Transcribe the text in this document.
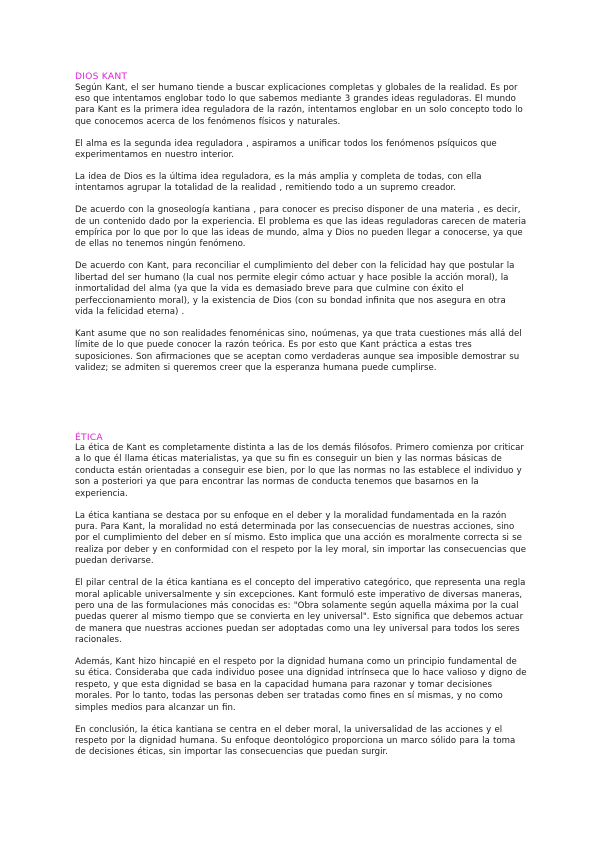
DIOS KANT

Según Kant, el ser humano tiende a buscar explicaciones completas y globales de la realidad. Es por eso que intentamos englobar todo lo que sabemos mediante 3 grandes ideas reguladoras. El mundo para Kant es la primera idea reguladora de la razón, intentamos englobar en un solo concepto todo lo que conocemos acerca de los fenómenos físicos y naturales.

El alma es la segunda idea reguladora , aspiramos a unificar todos los fenómenos psíquicos que experimentamos en nuestro interior.

La idea de Dios es la última idea reguladora, es la más amplia y completa de todas, con ella intentamos agrupar la totalidad de la realidad , remitiendo todo a un supremo creador.

De acuerdo con la gnoseología kantiana , para conocer es preciso disponer de una materia , es decir, de un contenido dado por la experiencia. El problema es que las ideas reguladoras carecen de materia empírica por lo que por lo que las ideas de mundo, alma y Dios no pueden llegar a conocerse, ya que de ellas no tenemos ningún fenómeno.

De acuerdo con Kant, para reconciliar el cumplimiento del deber con la felicidad hay que postular la libertad del ser humano (la cual nos permite elegir cómo actuar y hace posible la acción moral), la inmortalidad del alma (ya que la vida es demasiado breve para que culmine con éxito el perfeccionamiento moral), y la existencia de Dios (con su bondad infinita que nos asegura en otra vida la felicidad eterna) .

Kant asume que no son realidades fenoménicas sino, noúmenas, ya que trata cuestiones más allá del límite de lo que puede conocer la razón teórica. Es por esto que Kant práctica a estas tres suposiciones. Son afirmaciones que se aceptan como verdaderas aunque sea imposible demostrar su validez; se admiten si queremos creer que la esperanza humana puede cumplirse.

ÉTICA

La ética de Kant es completamente distinta a las de los demás filósofos. Primero comienza por criticar a lo que él llama éticas materialistas, ya que su fin es conseguir un bien y las normas básicas de conducta están orientadas a conseguir ese bien, por lo que las normas no las establece el individuo y son a posteriori ya que para encontrar las normas de conducta tenemos que basarnos en la experiencia.

La ética kantiana se destaca por su enfoque en el deber y la moralidad fundamentada en la razón pura. Para Kant, la moralidad no está determinada por las consecuencias de nuestras acciones, sino por el cumplimiento del deber en sí mismo. Esto implica que una acción es moralmente correcta si se realiza por deber y en conformidad con el respeto por la ley moral, sin importar las consecuencias que puedan derivarse.

El pilar central de la ética kantiana es el concepto del imperativo categórico, que representa una regla moral aplicable universalmente y sin excepciones. Kant formuló este imperativo de diversas maneras, pero una de las formulaciones más conocidas es: "Obra solamente según aquella máxima por la cual puedas querer al mismo tiempo que se convierta en ley universal". Esto significa que debemos actuar de manera que nuestras acciones puedan ser adoptadas como una ley universal para todos los seres racionales.

Además, Kant hizo hincapié en el respeto por la dignidad humana como un principio fundamental de su ética. Consideraba que cada individuo posee una dignidad intrínseca que lo hace valioso y digno de respeto, y que esta dignidad se basa en la capacidad humana para razonar y tomar decisiones morales. Por lo tanto, todas las personas deben ser tratadas como fines en sí mismas, y no como simples medios para alcanzar un fin.

En conclusión, la ética kantiana se centra en el deber moral, la universalidad de las acciones y el respeto por la dignidad humana. Su enfoque deontológico proporciona un marco sólido para la toma de decisiones éticas, sin importar las consecuencias que puedan surgir.
